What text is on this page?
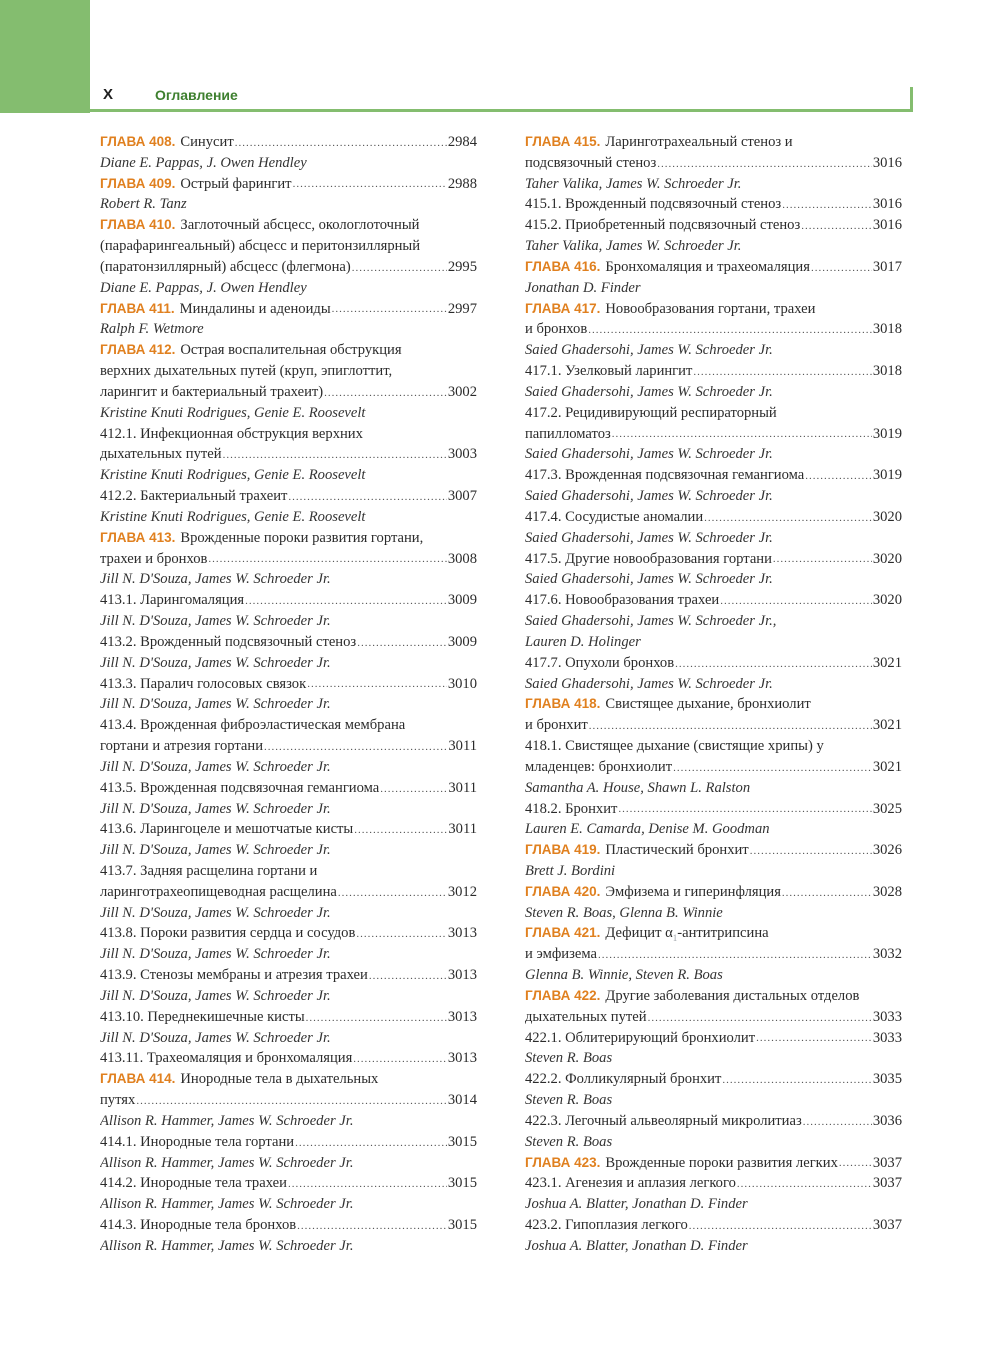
X	Оглавление
ГЛАВА 408. Синусит .....	2984
Diane E. Pappas, J. Owen Hendley
ГЛАВА 409. Острый фарингит .....	2988
Robert R. Tanz
ГЛАВА 410. Заглоточный абсцесс, окологлоточный
(парафарингеальный) абсцесс и перитонзиллярный
(паратонзиллярный) абсцесс (флегмона) .....	2995
Diane E. Pappas, J. Owen Hendley
ГЛАВА 411. Миндалины и аденоиды .....	2997
Ralph F. Wetmore
ГЛАВА 412. Острая воспалительная обструкция
верхних дыхательных путей (круп, эпиглоттит,
ларингит и бактериальный трахеит) .....	3002
Kristine Knuti Rodrigues, Genie E. Roosevelt
412.1. Инфекционная обструкция верхних
дыхательных путей .....	3003
Kristine Knuti Rodrigues, Genie E. Roosevelt
412.2. Бактериальный трахеит .....	3007
Kristine Knuti Rodrigues, Genie E. Roosevelt
ГЛАВА 413. Врожденные пороки развития гортани,
трахеи и бронхов .....	3008
Jill N. D'Souza, James W. Schroeder Jr.
413.1. Ларингомаляция .....	3009
Jill N. D'Souza, James W. Schroeder Jr.
413.2. Врожденный подсвязочный стеноз .....	3009
Jill N. D'Souza, James W. Schroeder Jr.
413.3. Паралич голосовых связок .....	3010
Jill N. D'Souza, James W. Schroeder Jr.
413.4. Врожденная фиброэластическая мембрана
гортани и атрезия гортани .....	3011
Jill N. D'Souza, James W. Schroeder Jr.
413.5. Врожденная подсвязочная гемангиома .....	3011
Jill N. D'Souza, James W. Schroeder Jr.
413.6. Ларингоцеле и мешотчатые кисты .....	3011
Jill N. D'Souza, James W. Schroeder Jr.
413.7. Задняя расщелина гортани и
ларинготрахеопищеводная расщелина .....	3012
Jill N. D'Souza, James W. Schroeder Jr.
413.8. Пороки развития сердца и сосудов .....	3013
Jill N. D'Souza, James W. Schroeder Jr.
413.9. Стенозы мембраны и атрезия трахеи .....	3013
Jill N. D'Souza, James W. Schroeder Jr.
413.10. Переднекишечные кисты .....	3013
Jill N. D'Souza, James W. Schroeder Jr.
413.11. Трахеомаляция и бронхомаляция .....	3013
ГЛАВА 414. Инородные тела в дыхательных
путях .....	3014
Allison R. Hammer, James W. Schroeder Jr.
414.1. Инородные тела гортани .....	3015
Allison R. Hammer, James W. Schroeder Jr.
414.2. Инородные тела трахеи .....	3015
Allison R. Hammer, James W. Schroeder Jr.
414.3. Инородные тела бронхов .....	3015
Allison R. Hammer, James W. Schroeder Jr.
ГЛАВА 415. Ларинготрахеальный стеноз и
подсвязочный стеноз .....	3016
Taher Valika, James W. Schroeder Jr.
415.1. Врожденный подсвязочный стеноз .....	3016
415.2. Приобретенный подсвязочный стеноз .....	3016
Taher Valika, James W. Schroeder Jr.
ГЛАВА 416. Бронхомаляция и трахеомаляция .....	3017
Jonathan D. Finder
ГЛАВА 417. Новообразования гортани, трахеи
и бронхов .....	3018
Saied Ghadersohi, James W. Schroeder Jr.
417.1. Узелковый ларингит .....	3018
Saied Ghadersohi, James W. Schroeder Jr.
417.2. Рецидивирующий респираторный
папилломатоз .....	3019
Saied Ghadersohi, James W. Schroeder Jr.
417.3. Врожденная подсвязочная гемангиома .....	3019
Saied Ghadersohi, James W. Schroeder Jr.
417.4. Сосудистые аномалии .....	3020
Saied Ghadersohi, James W. Schroeder Jr.
417.5. Другие новообразования гортани .....	3020
Saied Ghadersohi, James W. Schroeder Jr.
417.6. Новообразования трахеи .....	3020
Saied Ghadersohi, James W. Schroeder Jr.,
Lauren D. Holinger
417.7. Опухоли бронхов .....	3021
Saied Ghadersohi, James W. Schroeder Jr.
ГЛАВА 418. Свистящее дыхание, бронхиолит
и бронхит .....	3021
418.1. Свистящее дыхание (свистящие хрипы) у
младенцев: бронхиолит .....	3021
Samantha A. House, Shawn L. Ralston
418.2. Бронхит .....	3025
Lauren E. Camarda, Denise M. Goodman
ГЛАВА 419. Пластический бронхит .....	3026
Brett J. Bordini
ГЛАВА 420. Эмфизема и гиперинфляция .....	3028
Steven R. Boas, Glenna B. Winnie
ГЛАВА 421. Дефицит $\alpha_1$-антитрипсина
и эмфизема .....	3032
Glenna B. Winnie, Steven R. Boas
ГЛАВА 422. Другие заболевания дистальных отделов
дыхательных путей .....	3033
422.1. Облитерирующий бронхиолит .....	3033
Steven R. Boas
422.2. Фолликулярный бронхит .....	3035
Steven R. Boas
422.3. Легочный альвеолярный микролитиаз .....	3036
Steven R. Boas
ГЛАВА 423. Врожденные пороки развития легких ..... 3037
423.1. Агенезия и аплазия легкого .....	3037
Joshua A. Blatter, Jonathan D. Finder
423.2. Гипоплазия легкого .....	3037
Joshua A. Blatter, Jonathan D. Finder
